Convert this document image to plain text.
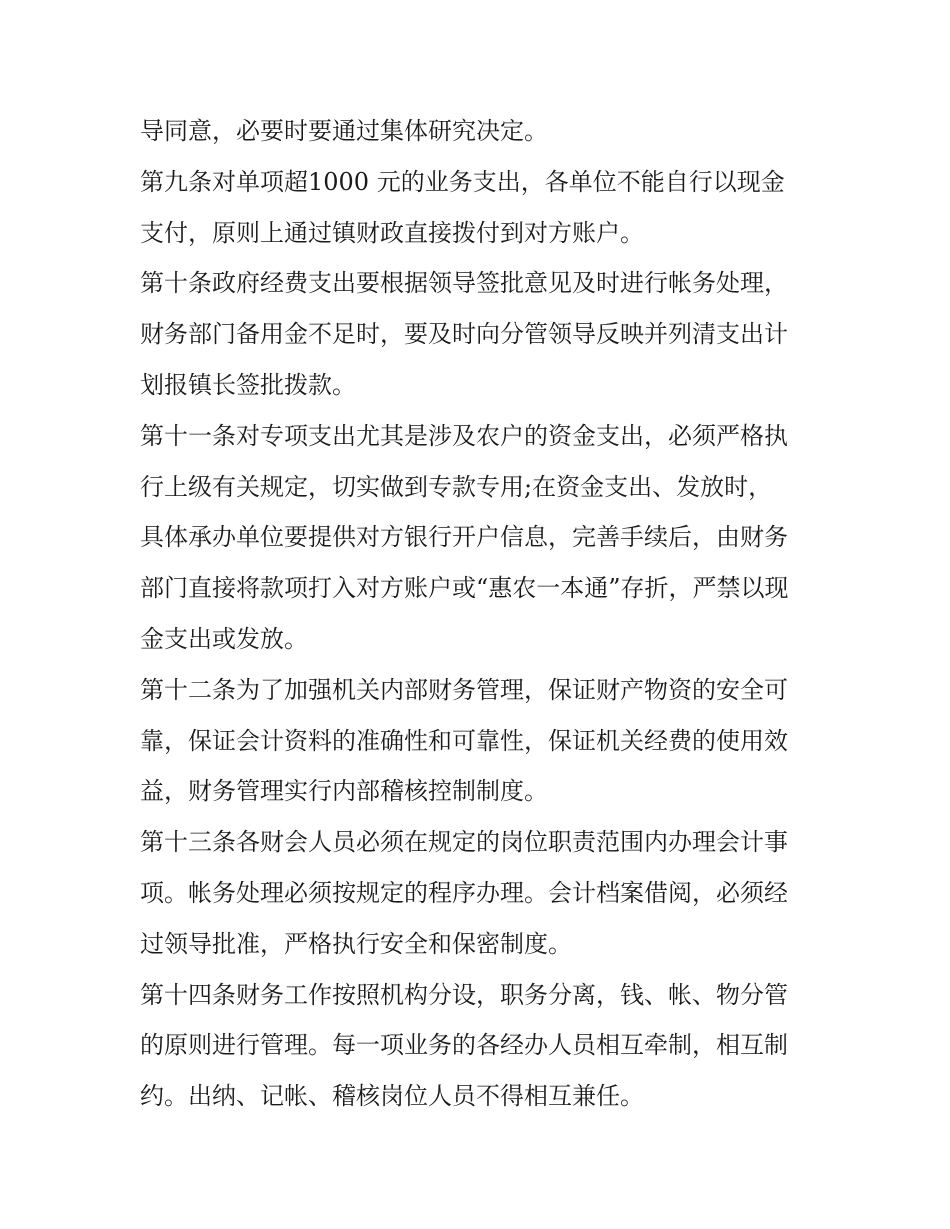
导同意，必要时要通过集体研究决定。
第九条对单项超1000 元的业务支出，各单位不能自行以现金
支付，原则上通过镇财政直接拨付到对方账户。
第十条政府经费支出要根据领导签批意见及时进行帐务处理，
财务部门备用金不足时，要及时向分管领导反映并列清支出计
划报镇长签批拨款。
第十一条对专项支出尤其是涉及农户的资金支出，必须严格执
行上级有关规定，切实做到专款专用;在资金支出、发放时，
具体承办单位要提供对方银行开户信息，完善手续后，由财务
部门直接将款项打入对方账户或“惠农一本通”存折，严禁以现
金支出或发放。
第十二条为了加强机关内部财务管理，保证财产物资的安全可
靠，保证会计资料的准确性和可靠性，保证机关经费的使用效
益，财务管理实行内部稽核控制制度。
第十三条各财会人员必须在规定的岗位职责范围内办理会计事
项。帐务处理必须按规定的程序办理。会计档案借阅，必须经
过领导批准，严格执行安全和保密制度。
第十四条财务工作按照机构分设，职务分离，钱、帐、物分管
的原则进行管理。每一项业务的各经办人员相互牵制，相互制
约。出纳、记帐、稽核岗位人员不得相互兼任。
